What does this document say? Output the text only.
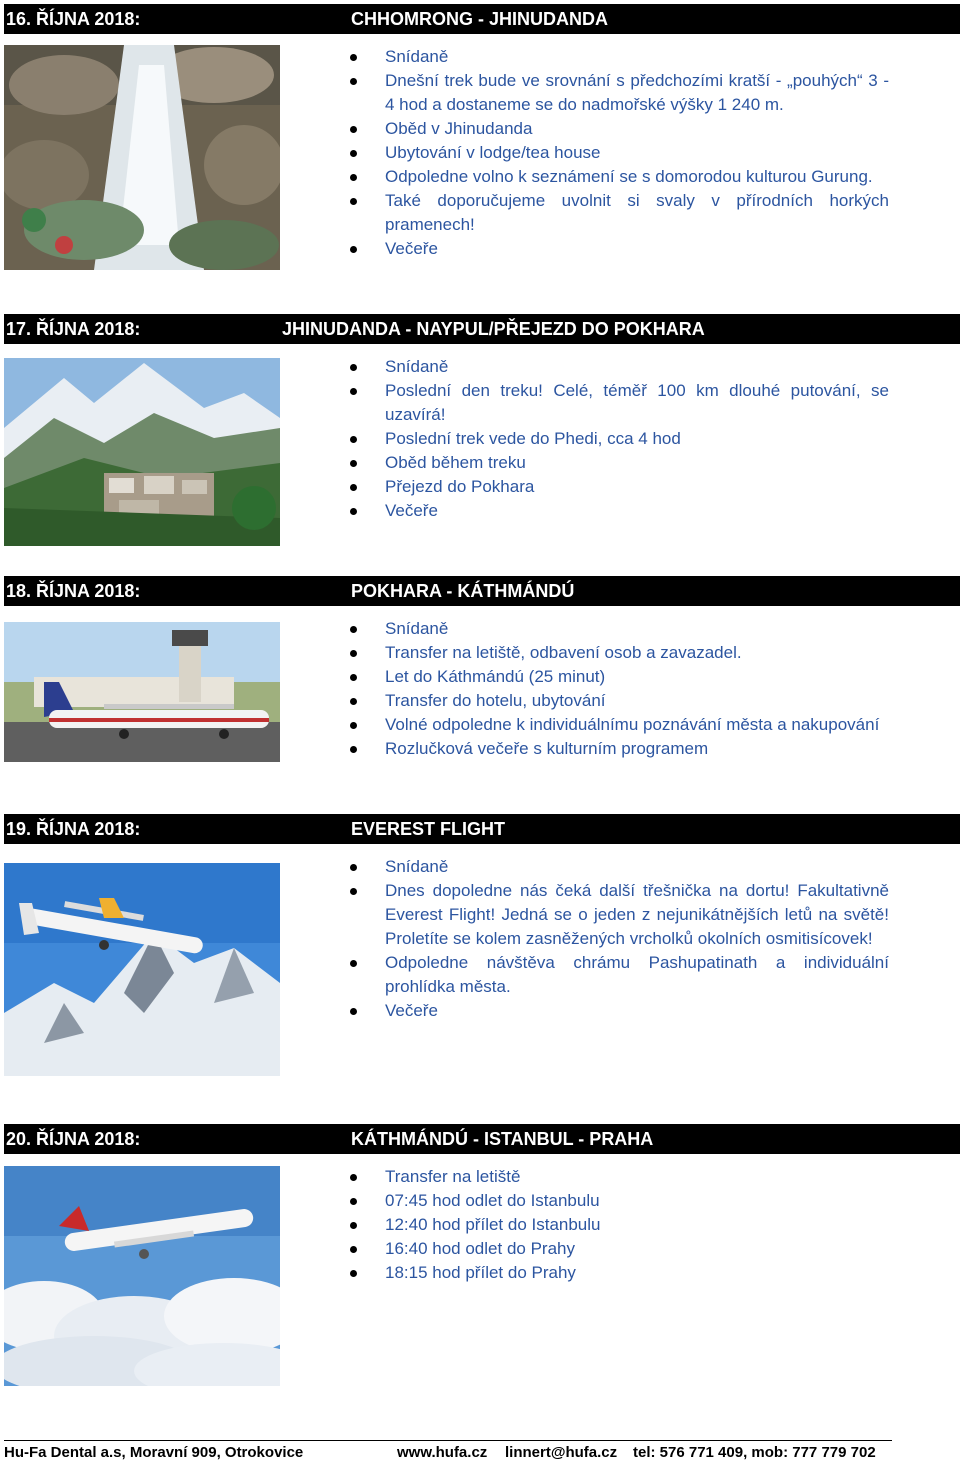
16. ŘÍJNA 2018:	CHHOMRONG - JHINUDANDA
Snídaně
Dnešní trek bude ve srovnání s předchozími kratší - „pouhých“ 3 - 4 hod a dostaneme se do nadmořské výšky 1 240 m.
Oběd v Jhinudanda
Ubytování v lodge/tea house
Odpoledne volno k seznámení se s domorodou kulturou Gurung.
Také doporučujeme uvolnit si svaly v přírodních horkých pramenech!
Večeře
17. ŘÍJNA 2018:	JHINUDANDA - NAYPUL/PŘEJEZD DO POKHARA
Snídaně
Poslední den treku! Celé, téměř 100 km dlouhé putování, se uzavírá!
Poslední trek vede do Phedi, cca 4 hod
Oběd během treku
Přejezd do Pokhara
Večeře
18. ŘÍJNA 2018:	POKHARA - KÁTHMÁNDÚ
Snídaně
Transfer na letiště, odbavení osob a zavazadel.
Let do Káthmándú (25 minut)
Transfer do hotelu, ubytování
Volné odpoledne k individuálnímu poznávání města a nakupování
Rozlučková večeře s kulturním programem
19. ŘÍJNA 2018:	EVEREST FLIGHT
Snídaně
Dnes dopoledne nás čeká další třešnička na dortu! Fakultativně Everest Flight! Jedná se o jeden z nejunikátnějších letů na světě! Proletíte se kolem zasněžených vrcholků okolních osmitisícovek!
Odpoledne návštěva chrámu Pashupatinath a individuální prohlídka města.
Večeře
20. ŘÍJNA 2018:	KÁTHMÁNDÚ - ISTANBUL - PRAHA
Transfer na letiště
07:45 hod odlet do Istanbulu
12:40 hod přílet do Istanbulu
16:40 hod odlet do Prahy
18:15 hod přílet do Prahy
Hu-Fa Dental a.s, Moravní 909, Otrokovice	www.hufa.cz linnert@hufa.cz tel: 576 771 409, mob: 777 779 702
